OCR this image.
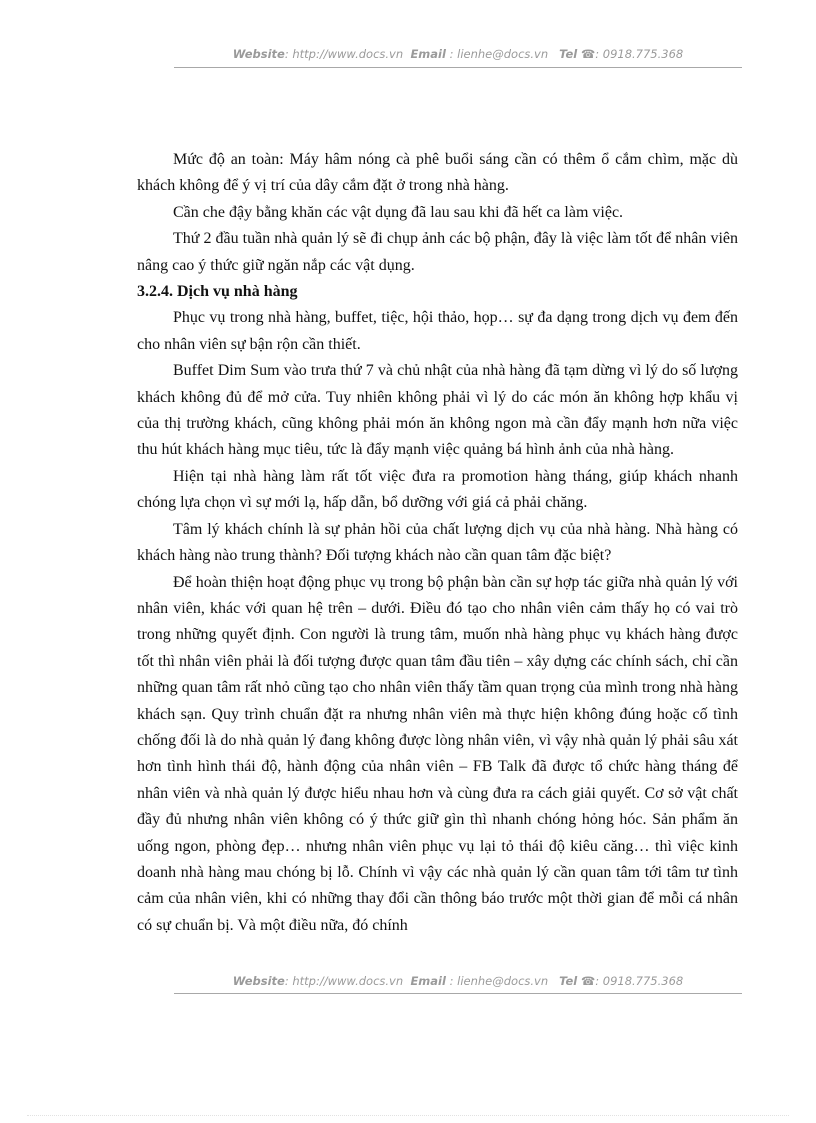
Website: http://www.docs.vn Email : lienhe@docs.vn Tel ☎: 0918.775.368

Mức độ an toàn: Máy hâm nóng cà phê buổi sáng cần có thêm ổ cắm chìm, mặc dù khách không để ý vị trí của dây cắm đặt ở trong nhà hàng.

Cần che đậy bằng khăn các vật dụng đã lau sau khi đã hết ca làm việc.

Thứ 2 đầu tuần nhà quản lý sẽ đi chụp ảnh các bộ phận, đây là việc làm tốt để nhân viên nâng cao ý thức giữ ngăn nắp các vật dụng.

3.2.4. Dịch vụ nhà hàng

Phục vụ trong nhà hàng, buffet, tiệc, hội thảo, họp… sự đa dạng trong dịch vụ đem đến cho nhân viên sự bận rộn cần thiết.

Buffet Dim Sum vào trưa thứ 7 và chủ nhật của nhà hàng đã tạm dừng vì lý do số lượng khách không đủ để mở cửa. Tuy nhiên không phải vì lý do các món ăn không hợp khẩu vị của thị trường khách, cũng không phải món ăn không ngon mà cần đẩy mạnh hơn nữa việc thu hút khách hàng mục tiêu, tức là đẩy mạnh việc quảng bá hình ảnh của nhà hàng.

Hiện tại nhà hàng làm rất tốt việc đưa ra promotion hàng tháng, giúp khách nhanh chóng lựa chọn vì sự mới lạ, hấp dẫn, bổ dưỡng với giá cả phải chăng.

Tâm lý khách chính là sự phản hồi của chất lượng dịch vụ của nhà hàng. Nhà hàng có khách hàng nào trung thành? Đối tượng khách nào cần quan tâm đặc biệt?

Để hoàn thiện hoạt động phục vụ trong bộ phận bàn cần sự hợp tác giữa nhà quản lý với nhân viên, khác với quan hệ trên – dưới. Điều đó tạo cho nhân viên cảm thấy họ có vai trò trong những quyết định. Con người là trung tâm, muốn nhà hàng phục vụ khách hàng được tốt thì nhân viên phải là đối tượng được quan tâm đầu tiên – xây dựng các chính sách, chỉ cần những quan tâm rất nhỏ cũng tạo cho nhân viên thấy tầm quan trọng của mình trong nhà hàng khách sạn. Quy trình chuẩn đặt ra nhưng nhân viên mà thực hiện không đúng hoặc cố tình chống đối là do nhà quản lý đang không được lòng nhân viên, vì vậy nhà quản lý phải sâu xát hơn tình hình thái độ, hành động của nhân viên – FB Talk đã được tổ chức hàng tháng để nhân viên và nhà quản lý được hiểu nhau hơn và cùng đưa ra cách giải quyết. Cơ sở vật chất đầy đủ nhưng nhân viên không có ý thức giữ gìn thì nhanh chóng hỏng hóc. Sản phẩm ăn uống ngon, phòng đẹp… nhưng nhân viên phục vụ lại tỏ thái độ kiêu căng… thì việc kinh doanh nhà hàng mau chóng bị lỗ. Chính vì vậy các nhà quản lý cần quan tâm tới tâm tư tình cảm của nhân viên, khi có những thay đổi cần thông báo trước một thời gian để mỗi cá nhân có sự chuẩn bị. Và một điều nữa, đó chính

Website: http://www.docs.vn Email : lienhe@docs.vn Tel ☎: 0918.775.368
